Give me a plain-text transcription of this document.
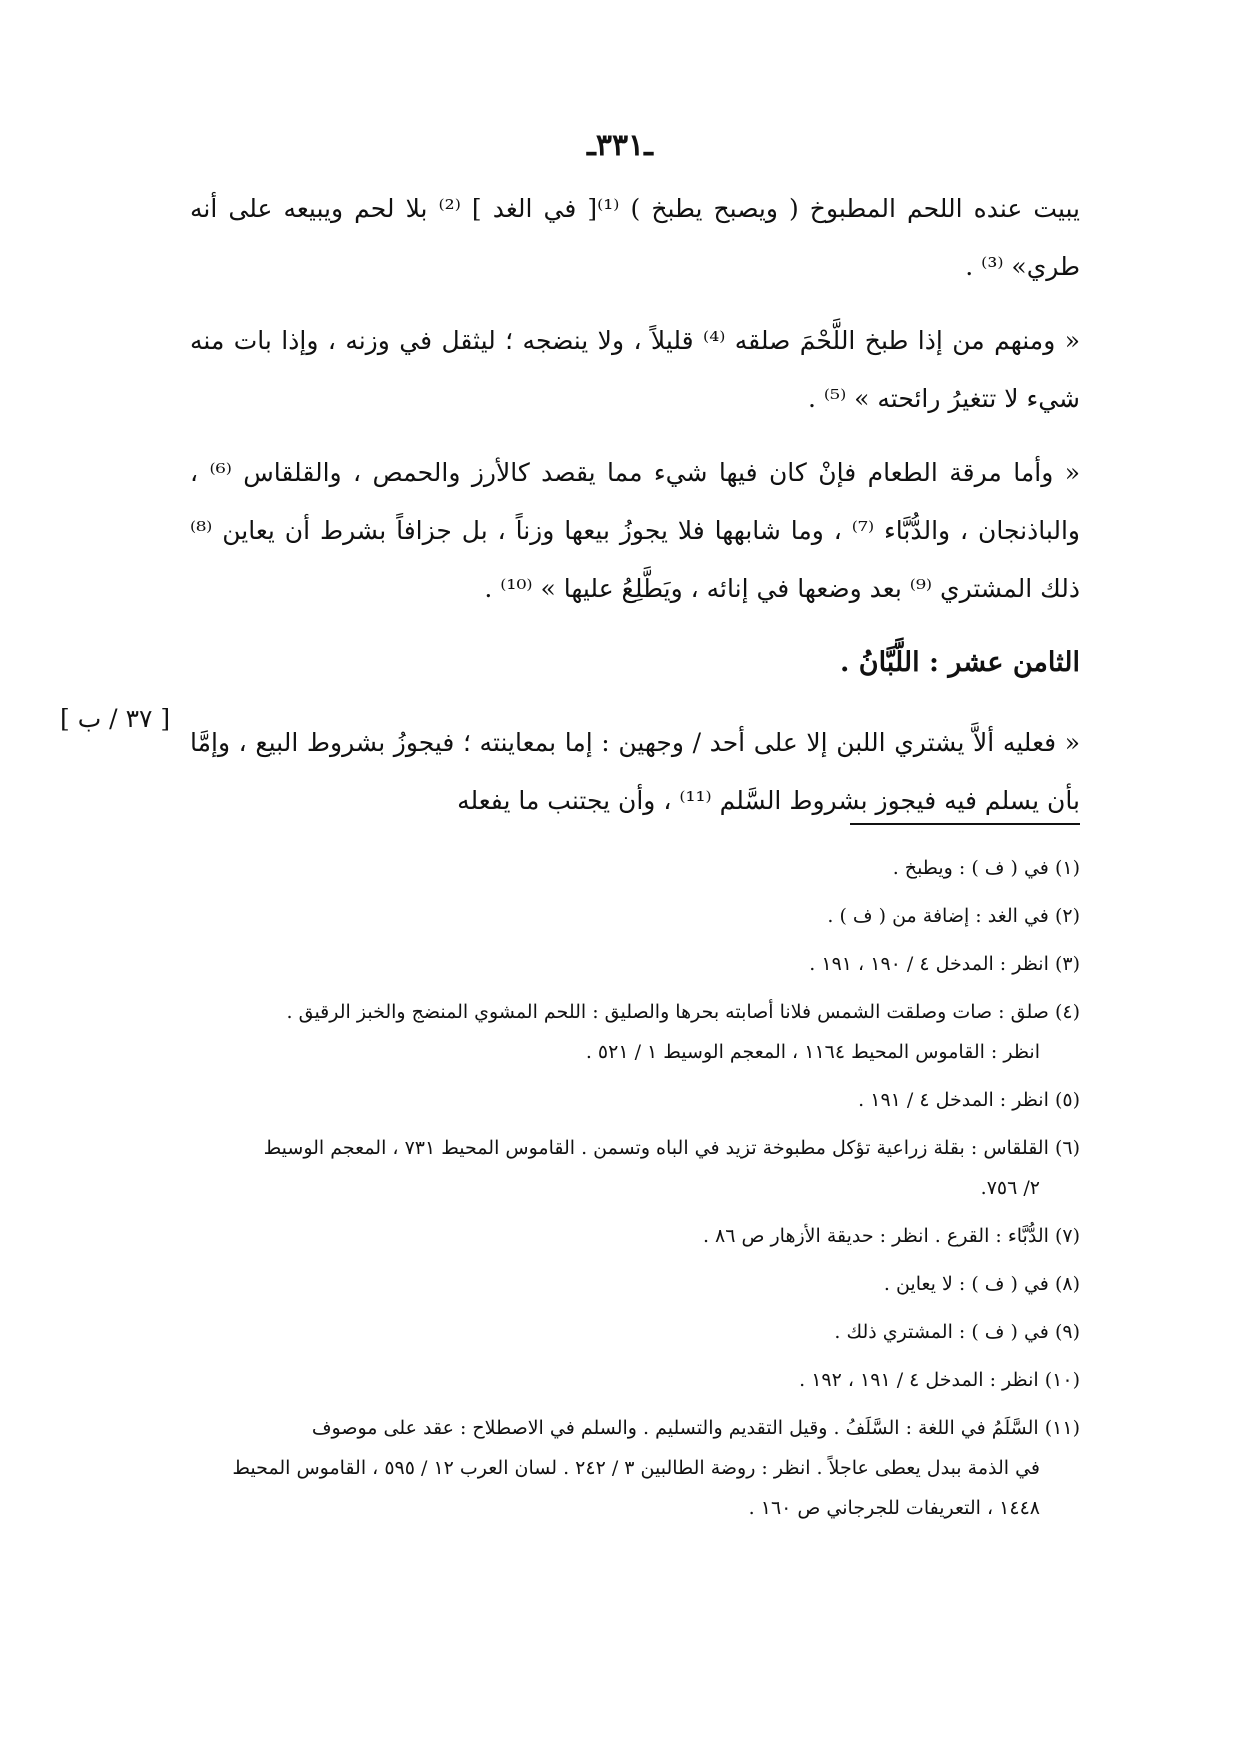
ـ٣٣١ـ

يبيت عنده اللحم المطبوخ ( ويصبح يطبخ ) ⁽¹⁾[ في الغد ] ⁽²⁾ بلا لحم ويبيعه على أنه طري» ⁽³⁾ .

« ومنهم من إذا طبخ اللَّحْمَ صلقه ⁽⁴⁾ قليلاً ، ولا ينضجه ؛ ليثقل في وزنه ، وإذا بات منه شيء لا تتغيرُ رائحته » ⁽⁵⁾ .

« وأما مرقة الطعام فإنْ كان فيها شيء مما يقصد كالأرز والحمص ، والقلقاس ⁽⁶⁾ ، والباذنجان ، والدُّبَّاء ⁽⁷⁾ ، وما شابهها فلا يجوزُ بيعها وزناً ، بل جزافاً بشرط أن يعاين ⁽⁸⁾ ذلك المشتري ⁽⁹⁾ بعد وضعها في إنائه ، ويَطَّلِعُ عليها » ⁽¹⁰⁾ .

الثامن عشر : اللَّبَّانُ .

« فعليه ألاَّ يشتري اللبن إلا على أحد / وجهين : إما بمعاينته ؛ فيجوزُ بشروط البيع ، وإمَّا بأن يسلم فيه فيجوز بشروط السَّلم ⁽¹¹⁾ ، وأن يجتنب ما يفعله

[ ٣٧ / ب ]
(١) في ( ف ) : ويطبخ .
(٢) في الغد : إضافة من ( ف ) .
(٣) انظر : المدخل ٤ / ١٩٠ ، ١٩١ .
(٤) صلق : صات وصلقت الشمس فلانا أصابته بحرها والصليق : اللحم المشوي المنضج والخبز الرقيق .
انظر : القاموس المحيط ١١٦٤ ، المعجم الوسيط ١ / ٥٢١ .
(٥) انظر : المدخل ٤ / ١٩١ .
(٦) القلقاس : بقلة زراعية تؤكل مطبوخة تزيد في الباه وتسمن . القاموس المحيط ٧٣١ ، المعجم الوسيط
٢/ ٧٥٦.
(٧) الدُّبَّاء : القرع . انظر : حديقة الأزهار ص ٨٦ .
(٨) في ( ف ) : لا يعاين .
(٩) في ( ف ) : المشتري ذلك .
(١٠) انظر : المدخل ٤ / ١٩١ ، ١٩٢ .
(١١) السَّلَمُ في اللغة : السَّلَفُ . وقيل التقديم والتسليم . والسلم في الاصطلاح : عقد على موصوف
في الذمة ببدل يعطى عاجلاً . انظر : روضة الطالبين ٣ / ٢٤٢ . لسان العرب ١٢ / ٥٩٥ ، القاموس المحيط ١٤٤٨ ، التعريفات للجرجاني ص ١٦٠ .
